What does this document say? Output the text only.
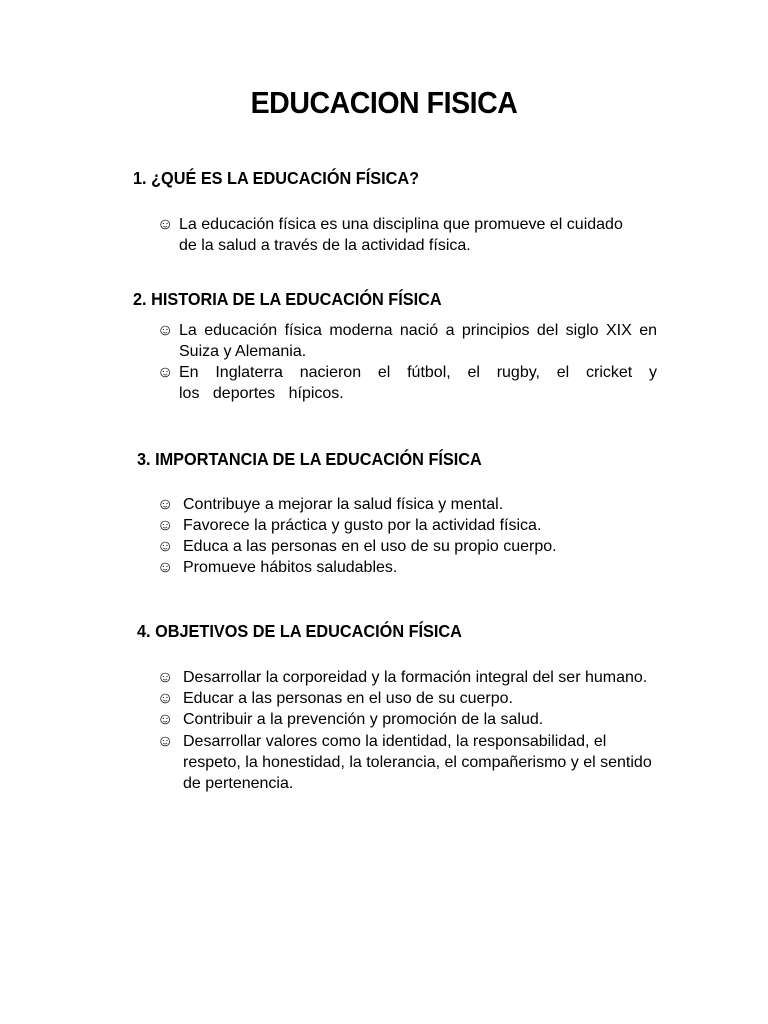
EDUCACION FISICA
1. ¿QUÉ ES LA EDUCACIÓN FÍSICA?
☺ La educación física es una disciplina que promueve el cuidado de la salud a través de la actividad física.
2. HISTORIA DE LA EDUCACIÓN FÍSICA
☺ La educación física moderna nació a principios del siglo XIX en Suiza y Alemania.
☺ En Inglaterra nacieron el fútbol, el rugby, el cricket y los deportes hípicos.
3. IMPORTANCIA DE LA EDUCACIÓN FÍSICA
☺ Contribuye a mejorar la salud física y mental.
☺ Favorece la práctica y gusto por la actividad física.
☺ Educa a las personas en el uso de su propio cuerpo.
☺ Promueve hábitos saludables.
4. OBJETIVOS DE LA EDUCACIÓN FÍSICA
☺ Desarrollar la corporeidad y la formación integral del ser humano.
☺ Educar a las personas en el uso de su cuerpo.
☺ Contribuir a la prevención y promoción de la salud.
☺ Desarrollar valores como la identidad, la responsabilidad, el respeto, la honestidad, la tolerancia, el compañerismo y el sentido de pertenencia.
